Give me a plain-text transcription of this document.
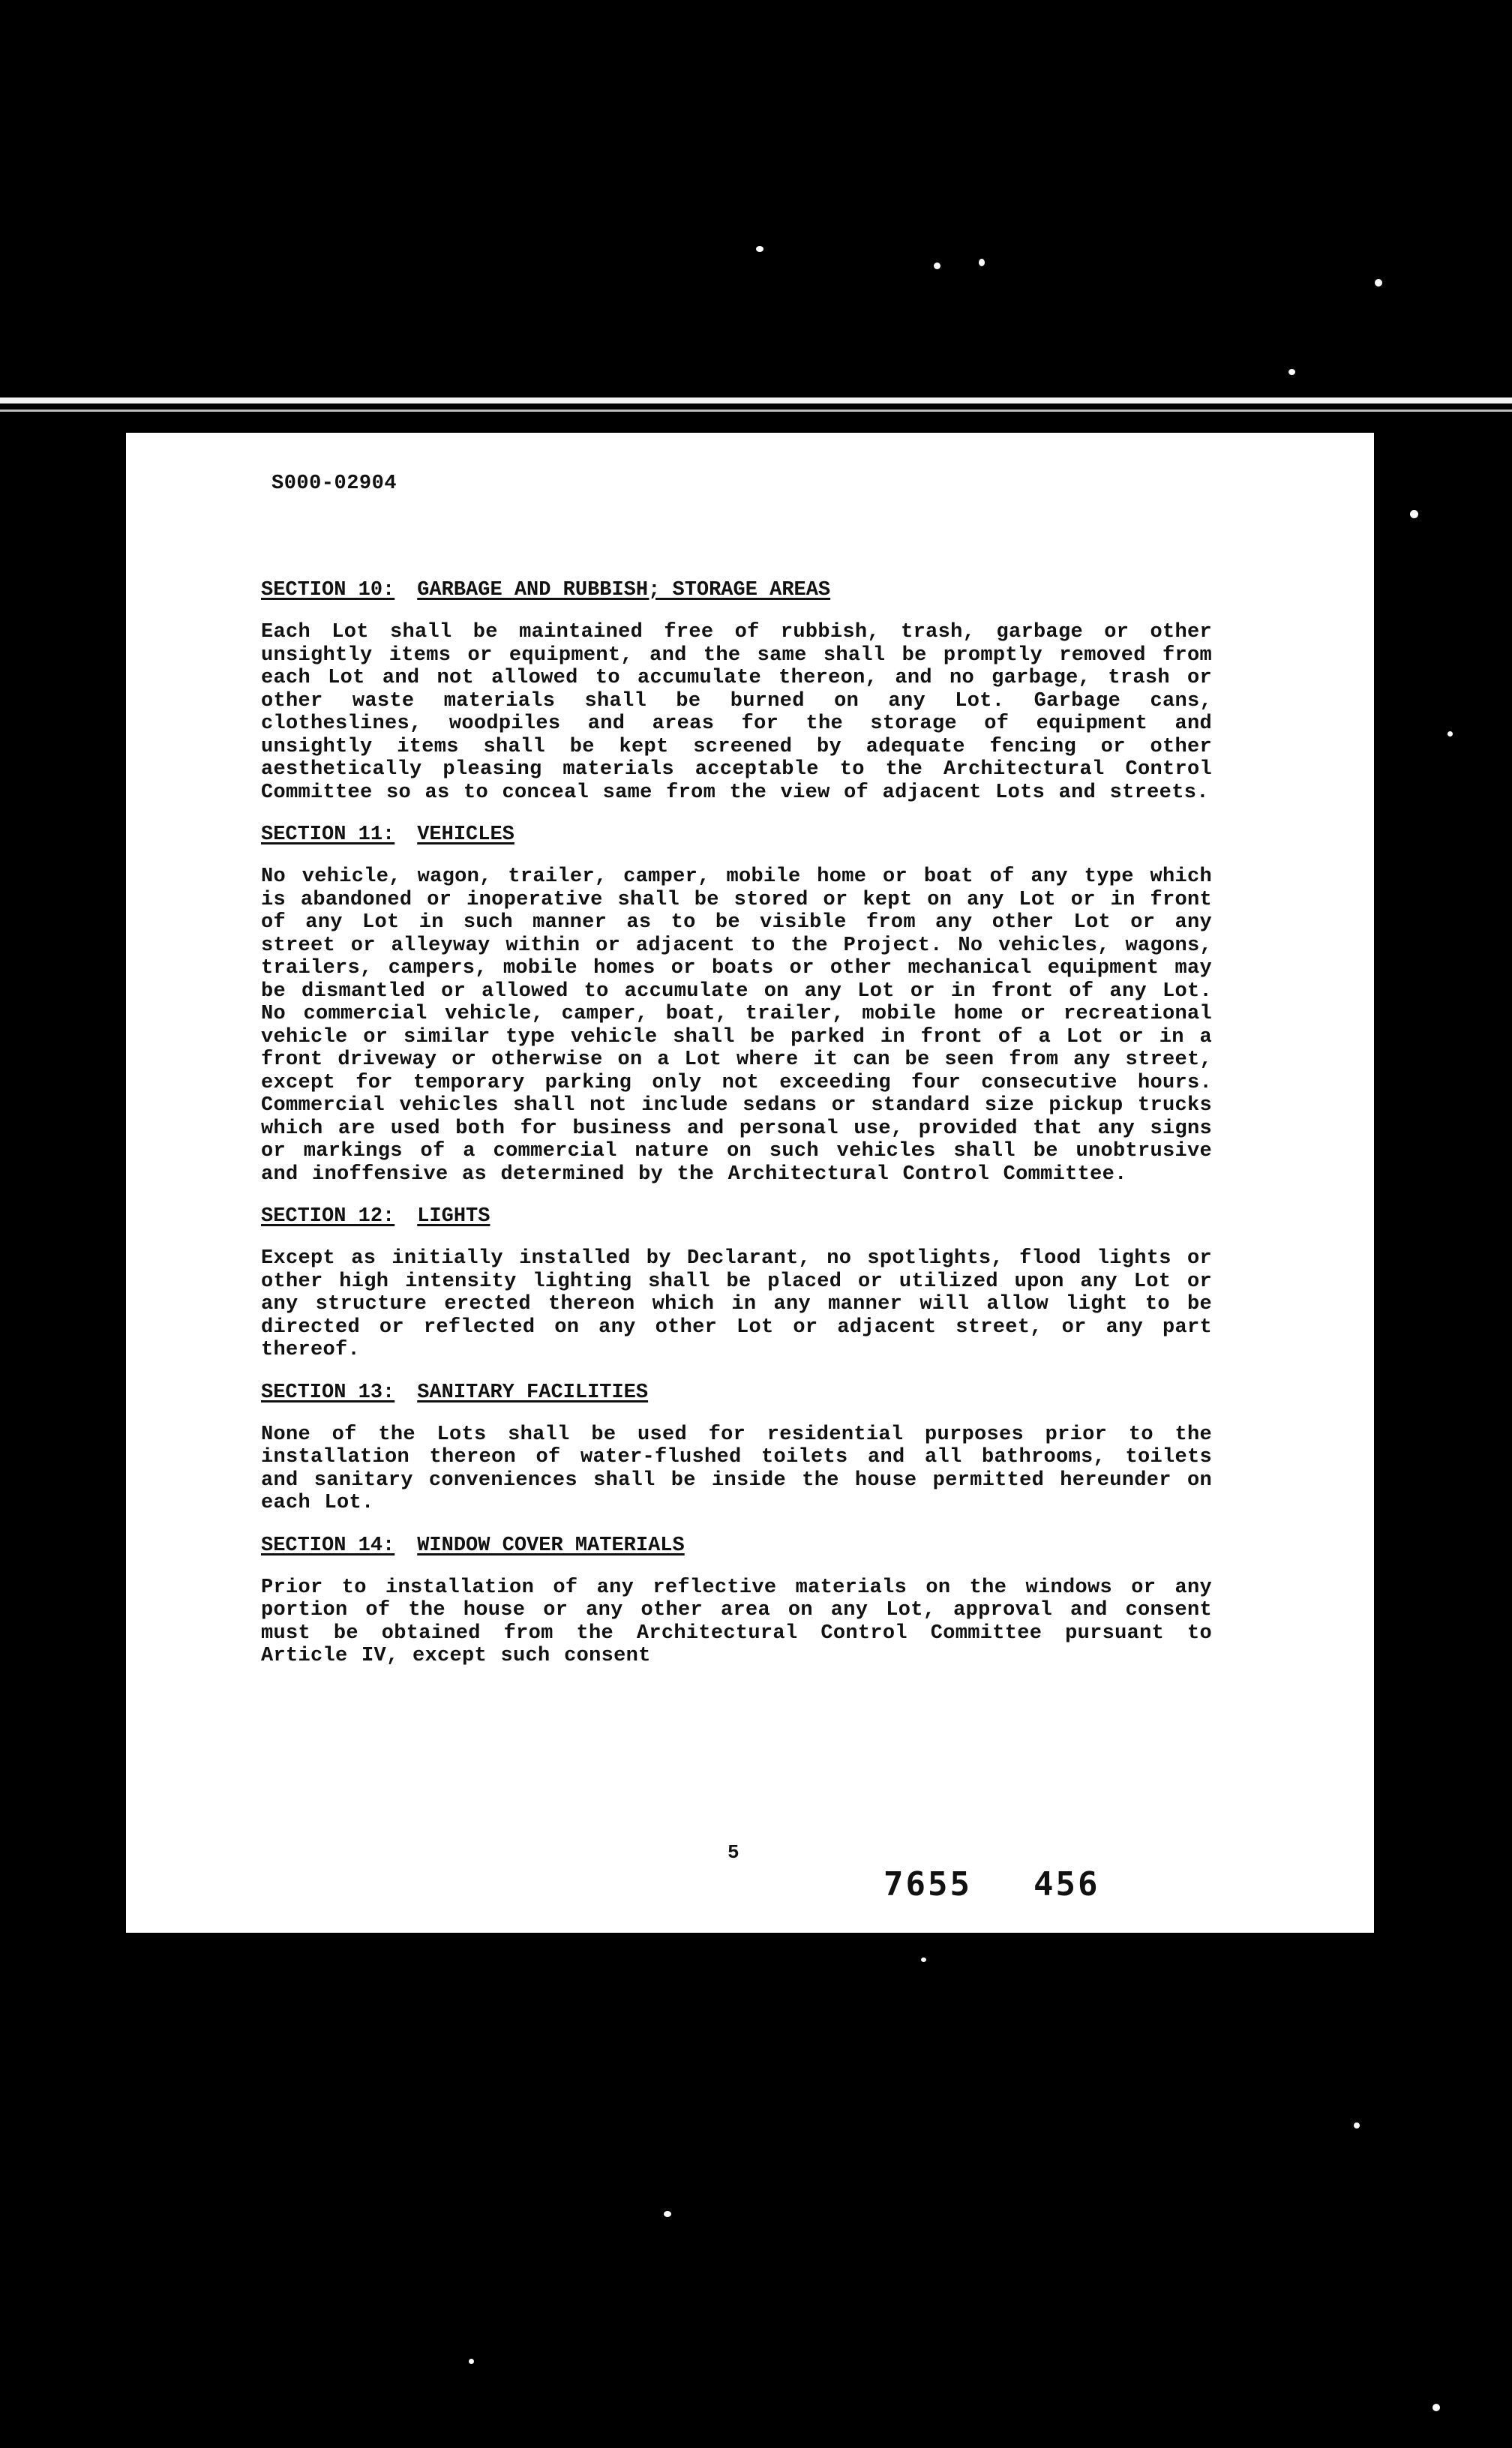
S000-02904
SECTION 10: GARBAGE AND RUBBISH; STORAGE AREAS
Each Lot shall be maintained free of rubbish, trash, garbage or other unsightly items or equipment, and the same shall be promptly removed from each Lot and not allowed to accumulate thereon, and no garbage, trash or other waste materials shall be burned on any Lot. Garbage cans, clotheslines, woodpiles and areas for the storage of equipment and unsightly items shall be kept screened by adequate fencing or other aesthetically pleasing materials acceptable to the Architectural Control Committee so as to conceal same from the view of adjacent Lots and streets.
SECTION 11: VEHICLES
No vehicle, wagon, trailer, camper, mobile home or boat of any type which is abandoned or inoperative shall be stored or kept on any Lot or in front of any Lot in such manner as to be visible from any other Lot or any street or alleyway within or adjacent to the Project. No vehicles, wagons, trailers, campers, mobile homes or boats or other mechanical equipment may be dismantled or allowed to accumulate on any Lot or in front of any Lot. No commercial vehicle, camper, boat, trailer, mobile home or recreational vehicle or similar type vehicle shall be parked in front of a Lot or in a front driveway or otherwise on a Lot where it can be seen from any street, except for temporary parking only not exceeding four consecutive hours. Commercial vehicles shall not include sedans or standard size pickup trucks which are used both for business and personal use, provided that any signs or markings of a commercial nature on such vehicles shall be unobtrusive and inoffensive as determined by the Architectural Control Committee.
SECTION 12: LIGHTS
Except as initially installed by Declarant, no spotlights, flood lights or other high intensity lighting shall be placed or utilized upon any Lot or any structure erected thereon which in any manner will allow light to be directed or reflected on any other Lot or adjacent street, or any part thereof.
SECTION 13: SANITARY FACILITIES
None of the Lots shall be used for residential purposes prior to the installation thereon of water-flushed toilets and all bathrooms, toilets and sanitary conveniences shall be inside the house permitted hereunder on each Lot.
SECTION 14: WINDOW COVER MATERIALS
Prior to installation of any reflective materials on the windows or any portion of the house or any other area on any Lot, approval and consent must be obtained from the Architectural Control Committee pursuant to Article IV, except such consent
5
7655 456
